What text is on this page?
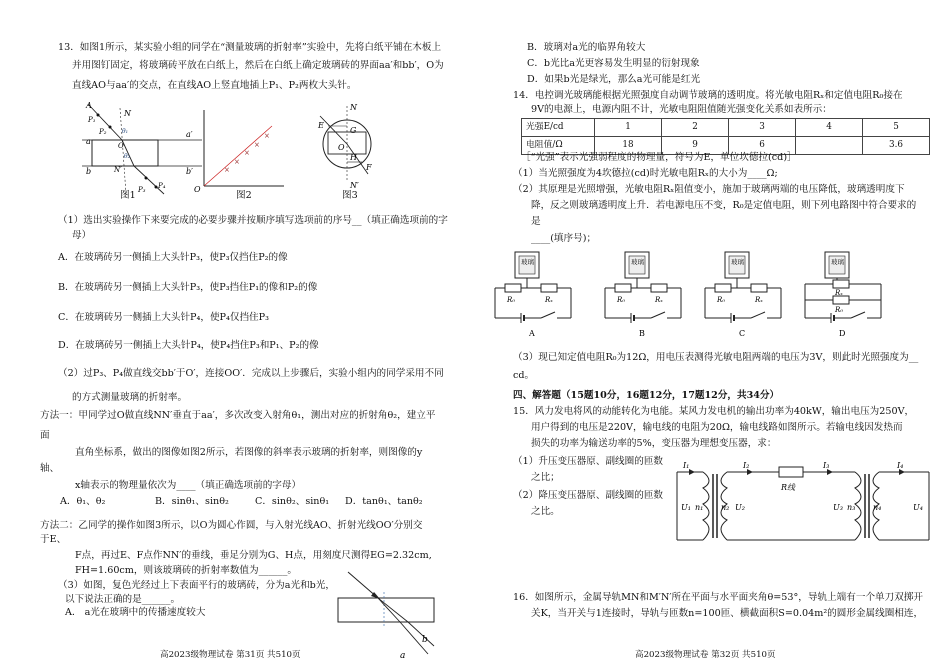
13．如图1所示，某实验小组的同学在“测量玻璃的折射率”实验中，先将白纸平铺在木板上
并用图钉固定，将玻璃砖平放在白纸上，然后在白纸上确定玻璃砖的界面aa′和bb′，O为
直线AO与aa′的交点，在直线AO上竖直地插上P₁、P₂两枚大头针。
A
N
P₁
P₂
a
a′
b	b′
O
N′
P₃ P₄
θ₁
θ₂
图1
×
×
×
×
×
O
图2
N
E
G
O
H
F
N′
图3
（1）选出实验操作下来要完成的必要步骤并按顺序填写选项前的序号__（填正确选项前的字
母）
A．在玻璃砖另一侧插上大头针P₃，使P₃仅挡住P₂的像
B．在玻璃砖另一侧插上大头针P₃，使P₃挡住P₁的像和P₂的像
C．在玻璃砖另一侧插上大头针P₄，使P₄仅挡住P₃
D．在玻璃砖另一侧插上大头针P₄，使P₄挡住P₃和P₁、P₂的像
（2）过P₃、P₄做直线交bb′于O′，连接OO′．完成以上步骤后，实验小组内的同学采用不同
的方式测量玻璃的折射率。
方法一：甲同学过O做直线NN′垂直于aa′，多次改变入射角θ₁，测出对应的折射角θ₂，建立平
面
直角坐标系，做出的图像如图2所示，若图像的斜率表示玻璃的折射率，则图像的y
轴、
x轴表示的物理量依次为____（填正确选项前的字母）
A．θ₁、θ₂	B．sinθ₁、sinθ₂	C．sinθ₂、sinθ₁ D．tanθ₁、tanθ₂
方法二：乙同学的操作如图3所示，以O为圆心作圆，与入射光线AO、折射光线OO′分别交
于E、
F点，再过E、F点作NN′的垂线，垂足分别为G、H点，用刻度尺测得EG=2.32cm,
FH=1.60cm，则该玻璃砖的折射率数值为______。
（3）如图，复色光经过上下表面平行的玻璃砖，分为a光和b光，
以下说法正确的是______。
A． a光在玻璃中的传播速度较大
a
b
高2023级物理试卷 第31页 共510页
B．玻璃对a光的临界角较大
C．b光比a光更容易发生明显的衍射现象
D．如果b光是绿光，那么a光可能是红光
14．电控调光玻璃能根据光照强度自动调节玻璃的透明度。将光敏电阻Rₓ和定值电阻R₀接在
9V的电源上，电源内阻不计，光敏电阻阻值随光强变化关系如表所示：
光强E/cd	1	2	3	4	5
电阻值/Ω	18	9	6		3.6
［“光强”表示光强弱程度的物理量，符号为E，单位坎德拉(cd)］
（1）当光照强度为4坎德拉(cd)时光敏电阻Rₓ的大小为____Ω;
（2）其原理是光照增强，光敏电阻Rₓ阻值变小，施加于玻璃两端的电压降低，玻璃透明度下
降，反之则玻璃透明度上升．若电源电压不变，R₀是定值电阻，则下列电路图中符合要求的
是
____(填序号)；
玻璃
R₀	Rₓ
A
玻璃
R₀	Rₓ
B
玻璃
R₀	Rₓ
C
玻璃
Rₓ
R₀
D
（3）现已知定值电阻R₀为12Ω，用电压表测得光敏电阻两端的电压为3V，则此时光照强度为__
cd。
四、解答题（15题10分，16题12分，17题12分，共34分）
15．风力发电将风的动能转化为电能。某风力发电机的输出功率为40kW，输出电压为250V，
用户得到的电压是220V，输电线的电阻为20Ω，输电线路如图所示。若输电线因发热而
损失的功率为输送功率的5%，变压器为理想变压器，求：
（1）升压变压器原、副线圈的匝数
之比；
（2）降压变压器原、副线圈的匝数
之比。
I₁	I₂	I₃	I₄
U₁ n₁ n₂ U₂	U₃ n₃ n₄	U₄
R线
16．如图所示，金属导轨MN和M′N′所在平面与水平面夹角θ=53°，导轨上端有一个单刀双掷开
关K，当开关与1连接时，导轨与匝数n=100匝、横截面积S=0.04m²的圆形金属线圈相连，
高2023级物理试卷 第32页 共510页
